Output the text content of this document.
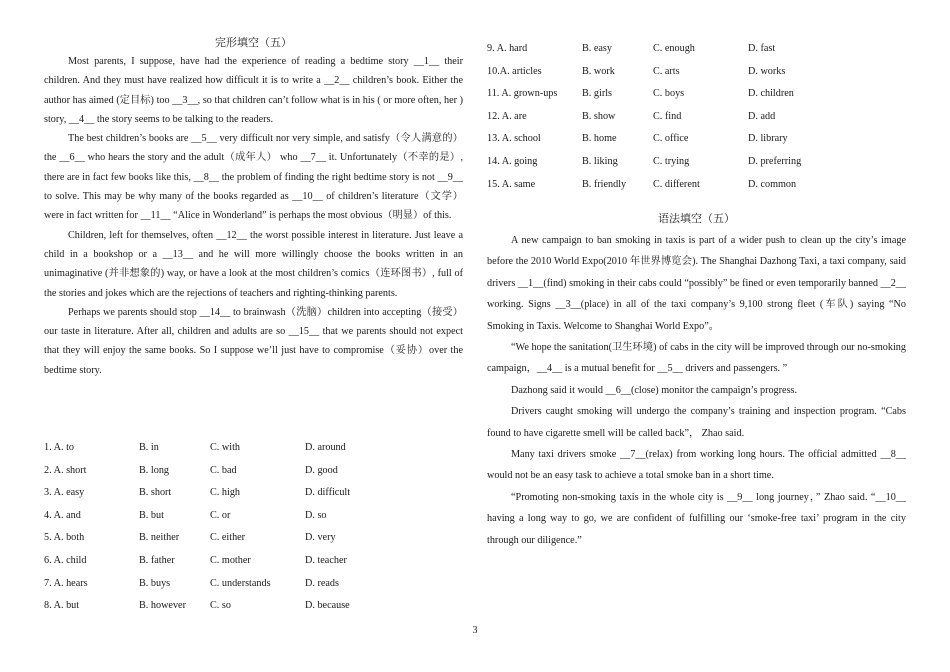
完形填空（五）

Most parents, I suppose, have had the experience of reading a bedtime story __1__ their children. And they must have realized how difficult it is to write a __2__ children’s book. Either the author has aimed (定目标) too __3__, so that children can’t follow what is in his ( or more often, her ) story, __4__ the story seems to be talking to the readers.

The best children’s books are __5__ very difficult nor very simple, and satisfy（令人满意的） the __6__ who hears the story and the adult（成年人） who __7__ it. Unfortunately（不幸的是）, there are in fact few books like this, __8__ the problem of finding the right bedtime story is not __9__ to solve. This may be why many of the books regarded as __10__ of children’s literature（文学） were in fact written for __11__ “Alice in Wonderland” is perhaps the most obvious（明显）of this.

Children, left for themselves, often __12__ the worst possible interest in literature. Just leave a child in a bookshop or a __13__ and he will more willingly choose the books written in an unimaginative (并非想象的) way, or have a look at the most children’s comics（连环图书）, full of the stories and jokes which are the rejections of teachers and righting-thinking parents.

Perhaps we parents should stop __14__ to brainwash（洗脑）children into accepting（接受）our taste in literature. After all, children and adults are so __15__ that we parents should not expect that they will enjoy the same books. So I suppose we’ll just have to compromise（妥协）over the bedtime story.

1. A. to	B. in	C. with	D. around
2. A. short	B. long	C. bad	D. good
3. A. easy	B. short	C. high	D. difficult
4. A. and	B. but	C. or	D. so
5. A. both	B. neither	C. either	D. very
6. A. child	B. father	C. mother	D. teacher
7. A. hears	B. buys	C. understands	D. reads
8. A. but	B. however	C. so	D. because
9. A. hard	B. easy	C. enough	D. fast
10.A. articles	B. work	C. arts	D. works
11. A. grown-ups	B. girls	C. boys	D. children
12. A. are	B. show	C. find	D. add
13. A. school	B. home	C. office	D. library
14. A. going	B. liking	C. trying	D. preferring
15. A. same	B. friendly	C. different	D. common
语法填空（五）

A new campaign to ban smoking in taxis is part of a wider push to clean up the city’s image before the 2010 World Expo(2010 年世界博览会). The Shanghai Dazhong Taxi, a taxi company, said drivers __1__(find) smoking in their cabs could “possibly” be fined or even temporarily banned __2__ working. Signs __3__(place) in all of the taxi company’s 9,100 strong fleet (车队) saying “No Smoking in Taxis. Welcome to Shanghai World Expo”。

“We hope the sanitation(卫生环境) of cabs in the city will be improved through our no-smoking campaign，__4__ is a mutual benefit for __5__ drivers and passengers. ”

Dazhong said it would __6__(close) monitor the campaign’s progress.

Drivers caught smoking will undergo the company’s training and inspection program. “Cabs found to have cigarette smell will be called back”， Zhao said.

Many taxi drivers smoke __7__(relax) from working long hours. The official admitted __8__ would not be an easy task to achieve a total smoke ban in a short time.

“Promoting non-smoking taxis in the whole city is __9__ long journey，” Zhao said. “__10__ having a long way to go, we are confident of fulfilling our ‘smoke-free taxi’ program in the city through our diligence.”

3
